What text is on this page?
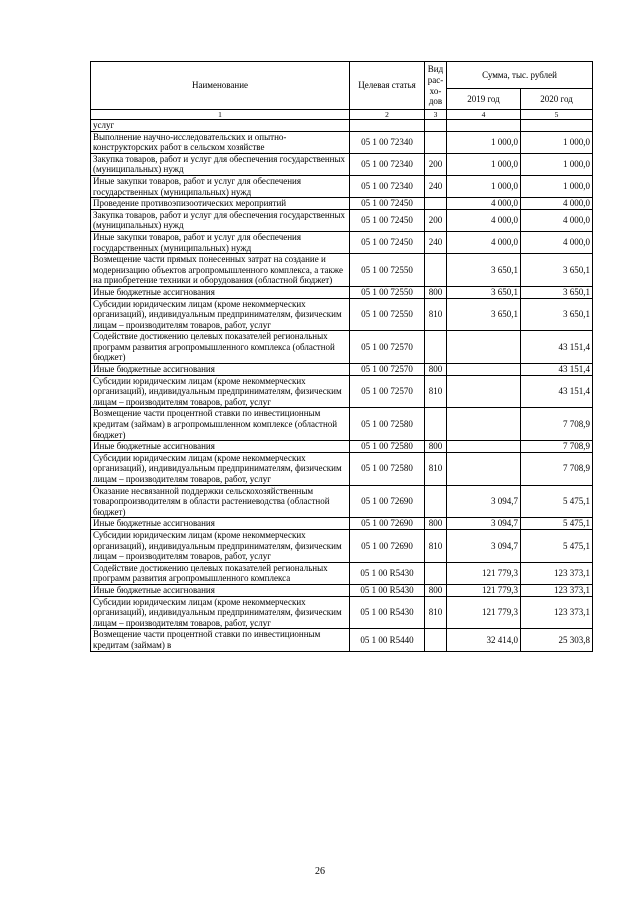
Наименование	Целевая статья	Вид рас-хо-дов	Сумма, тыс. рублей	
			2019 год	2020 год
1	2	3	4	5
услуг				
Выполнение научно-исследовательских и опытно-конструкторских работ в сельском хозяйстве	05 1 00 72340		1 000,0	1 000,0
Закупка товаров, работ и услуг для обеспечения государственных (муниципальных) нужд	05 1 00 72340	200	1 000,0	1 000,0
Иные закупки товаров, работ и услуг для обеспечения государственных (муниципальных) нужд	05 1 00 72340	240	1 000,0	1 000,0
Проведение противоэпизоотических мероприятий	05 1 00 72450		4 000,0	4 000,0
Закупка товаров, работ и услуг для обеспечения государственных (муниципальных) нужд	05 1 00 72450	200	4 000,0	4 000,0
Иные закупки товаров, работ и услуг для обеспечения государственных (муниципальных) нужд	05 1 00 72450	240	4 000,0	4 000,0
Возмещение части прямых понесенных затрат на создание и модернизацию объектов агропромышленного комплекса, а также на приобретение техники и оборудования (областной бюджет)	05 1 00 72550		3 650,1	3 650,1
Иные бюджетные ассигнования	05 1 00 72550	800	3 650,1	3 650,1
Субсидии юридическим лицам (кроме некоммерческих организаций), индивидуальным предпринимателям, физическим лицам – производителям товаров, работ, услуг	05 1 00 72550	810	3 650,1	3 650,1
Содействие достижению целевых показателей региональных программ развития агропромышленного комплекса (областной бюджет)	05 1 00 72570			43 151,4
Иные бюджетные ассигнования	05 1 00 72570	800		43 151,4
Субсидии юридическим лицам (кроме некоммерческих организаций), индивидуальным предпринимателям, физическим лицам – производителям товаров, работ, услуг	05 1 00 72570	810		43 151,4
Возмещение части процентной ставки по инвестиционным кредитам (займам) в агропромышленном комплексе (областной бюджет)	05 1 00 72580			7 708,9
Иные бюджетные ассигнования	05 1 00 72580	800		7 708,9
Субсидии юридическим лицам (кроме некоммерческих организаций), индивидуальным предпринимателям, физическим лицам – производителям товаров, работ, услуг	05 1 00 72580	810		7 708,9
Оказание несвязанной поддержки сельскохозяйственным товаропроизводителям в области растениеводства (областной бюджет)	05 1 00 72690		3 094,7	5 475,1
Иные бюджетные ассигнования	05 1 00 72690	800	3 094,7	5 475,1
Субсидии юридическим лицам (кроме некоммерческих организаций), индивидуальным предпринимателям, физическим лицам – производителям товаров, работ, услуг	05 1 00 72690	810	3 094,7	5 475,1
Содействие достижению целевых показателей региональных программ развития агропромышленного комплекса	05 1 00 R5430		121 779,3	123 373,1
Иные бюджетные ассигнования	05 1 00 R5430	800	121 779,3	123 373,1
Субсидии юридическим лицам (кроме некоммерческих организаций), индивидуальным предпринимателям, физическим лицам – производителям товаров, работ, услуг	05 1 00 R5430	810	121 779,3	123 373,1
Возмещение части процентной ставки по инвестиционным кредитам (займам) в	05 1 00 R5440		32 414,0	25 303,8
26
